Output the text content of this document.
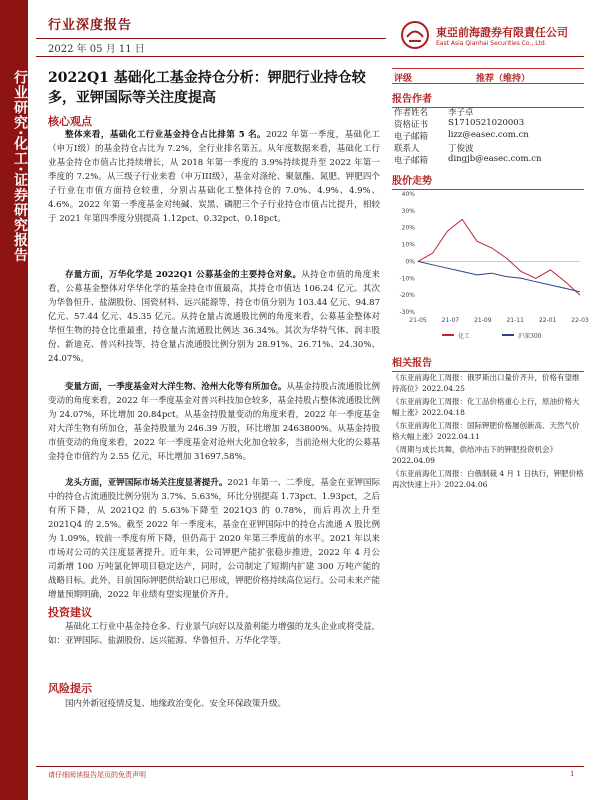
行业研究·化工·证券研究报告
行业深度报告
2022 年 05 月 11 日
東亞前海證券有限責任公司
East Asia Qianhai Securities Co., Ltd.
2022Q1 基础化工基金持仓分析：钾肥行业持仓较多，亚钾国际等关注度提高
核心观点
整体来看，基础化工行业基金持仓占比排第 5 名。2022 年第一季度，基础化工（申万I级）的基金持仓占比为 7.2%，全行业排名第五。从年度数据来看，基础化工行业基金持仓市值占比持续增长，从 2018 年第一季度的 3.9%持续提升至 2022 年第一季度的 7.2%。从三级子行业来看（申万III级），基金对涤纶、聚氨酯、氮肥、钾肥四个子行业在市值方面持仓较重，分别占基础化工整体持仓的 7.0%、4.9%、4.9%、4.6%。2022 年第一季度基金对纯碱、炭黑、磷肥三个子行业持仓市值占比提升，相较于 2021 年第四季度分别提高 1.12pct、0.32pct、0.18pct。
存量方面，万华化学是 2022Q1 公募基金的主要持仓对象。从持仓市值的角度来看，公募基金整体对华华化学的基金持仓市值最高，其持仓市值达 106.24 亿元。其次为华鲁恒升、盐湖股份、国瓷材料、远兴能源等，持仓市值分别为 103.44 亿元、94.87 亿元、57.44 亿元、45.35 亿元。从持仓量占流通股比例的角度来看，公募基金整体对华恒生物的持仓比重最重，持仓量占流通股比例达 36.34%。其次为华特气体、润丰股份、新迪克、普兴科技等，持仓量占流通股比例分别为 28.91%、26.71%、24.30%、24.07%。
变量方面，一季度基金对大洋生物、沧州大化等有所加仓。从基金持股占流通股比例变动的角度来看，2022 年一季度基金对普兴科技加仓较多，基金持股占整体流通股比例为 24.07%，环比增加 20.84pct。从基金持股量变动的角度来看，2022 年一季度基金对大洋生物有所加仓，基金持股量为 246.39 万股，环比增加 2463800%。从基金持股市值变动的角度来看，2022 年一季度基金对沧州大化加仓较多，当前沧州大化的公募基金持仓市值约为 2.55 亿元，环比增加 31697.58%。
龙头方面，亚钾国际市场关注度显著提升。2021 年第一、二季度，基金在亚钾国际中的持仓占流通股比例分别为 3.7%、5.63%，环比分别提高 1.73pct、1.93pct，之后有所下降，从 2021Q2 的 5.63%下降至 2021Q3 的 0.78%，而后再次上升至 2021Q4 的 2.5%。截至 2022 年一季度末，基金在亚钾国际中的持仓占流通 A 股比例为 1.09%，较前一季度有所下降，但仍高于 2020 年第三季度前的水平。2021 年以来市场对公司的关注度显著提升。近年来，公司钾肥产能扩张稳步推进，2022 年 4 月公司新增 100 万吨氯化钾项目稳定达产，同时，公司制定了短期内扩建 300 万吨产能的战略目标。此外，目前国际钾肥供给缺口已形成，钾肥价格持续高位运行。公司未来产能增量预期明确，2022 年业绩有望实现量价齐升。
投资建议
基础化工行业中基金持仓多、行业景气向好以及盈利能力增强的龙头企业或将受益，如：亚钾国际、盐湖股份、远兴能源、华鲁恒升、万华化学等。
风险提示
国内外新冠疫情反复、地缘政治变化、安全环保政策升级。
评级	推荐（维持）
报告作者
作者姓名 李子卓
资格证书 S1710521020003
电子邮箱 lizz@easec.com.cn
联系人	丁俊波
电子邮箱 dingjb@easec.com.cn
股价走势
40%
30%
20%
10%
0%
-10%
-20%
-30%
21-05 21-07 21-09 21-11 22-01 22-03
化工	沪深300
相关报告
《东亚前海化工周报：俄罗斯出口量价齐升，价格有望维持高位》2022.04.25
《东亚前海化工周报：化工品价格重心上行，原油价格大幅上涨》2022.04.18
《东亚前海化工周报：国际钾肥价格屡创新高、天然气价格大幅上涨》2022.04.11
《周期与成长共舞，供给冲击下的钾肥投资机会》2022.04.09
《东亚前海化工周报：白俄制裁 4 月 1 日执行，钾肥价格再次快速上升》2022.04.06
请仔细阅读报告尾页的免责声明	1
